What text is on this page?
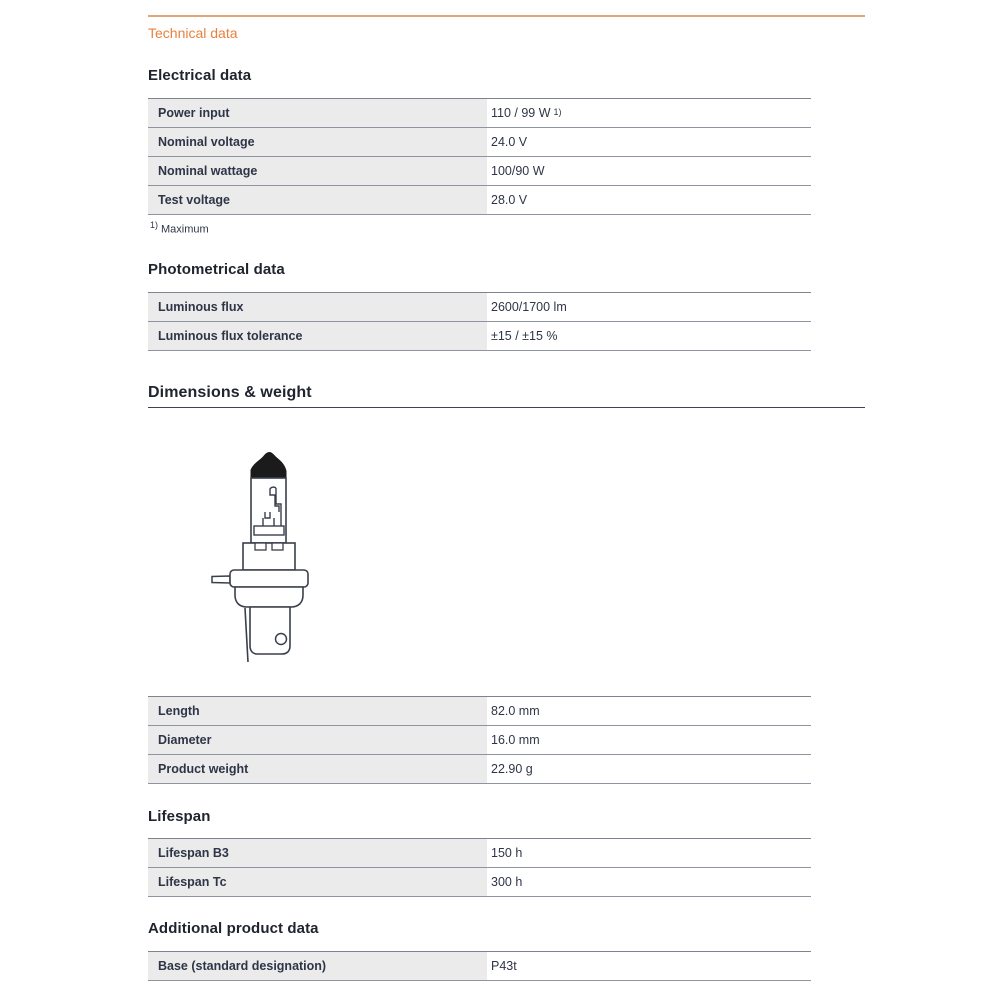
Technical data
Electrical data
Power input	110 / 99 W $^{1)}$
Nominal voltage	24.0 V
Nominal wattage	100/90 W
Test voltage	28.0 V
$^{1)}$ Maximum
Photometrical data
Luminous flux	2600/1700 lm
Luminous flux tolerance	±15 / ±15 %
Dimensions & weight
Length	82.0 mm
Diameter	16.0 mm
Product weight	22.90 g
Lifespan
Lifespan B3	150 h
Lifespan Tc	300 h
Additional product data
Base (standard designation)	P43t
